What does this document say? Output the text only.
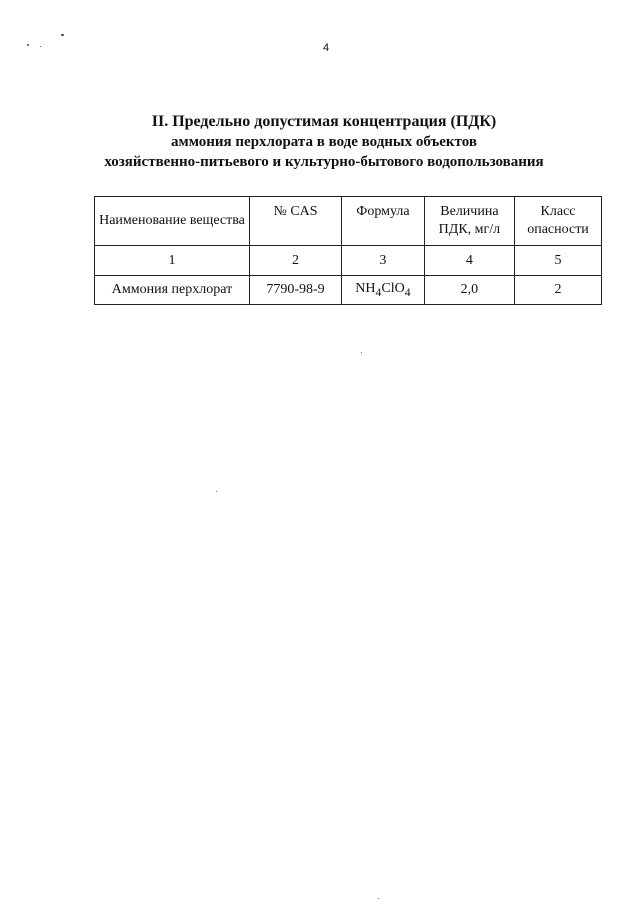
4
II. Предельно допустимая концентрация (ПДК)
аммония перхлората в воде водных объектов
хозяйственно-питьевого и культурно-бытового водопользования
Наименование вещества	№ CAS	Формула	Величина ПДК, мг/л	Класс опасности
1	2	3	4	5
Аммония перхлорат	7790-98-9	$NH_4ClO_4$	2,0	2
